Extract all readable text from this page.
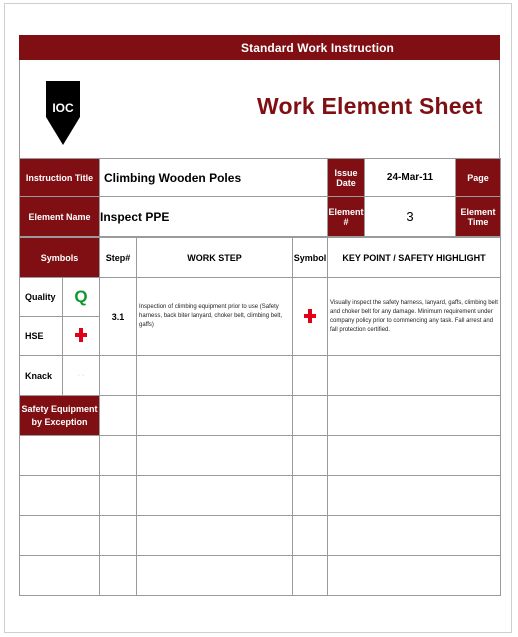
Standard Work Instruction
IOC	Work Element Sheet
Instruction Title	Climbing Wooden Poles	Issue Date	24-Mar-11	Page
Element Name	Inspect PPE	Element #	3	Element Time
Symbols		Step#	WORK STEP	Symbol	KEY POINT / SAFETY HIGHLIGHT
Quality	Q	3.1	Inspection of climbing equipment prior to use (Safety harness, back biter lanyard, choker belt, climbing belt, gaffs)		Visually inspect the safety harness, lanyard, gaffs, climbing belt and choker belt for any damage. Minimum requirement under company policy prior to commencing any task. Fall arrest and fall protection certified.
HSE					
Knack	· ·				
Safety Equipment by Exception					
